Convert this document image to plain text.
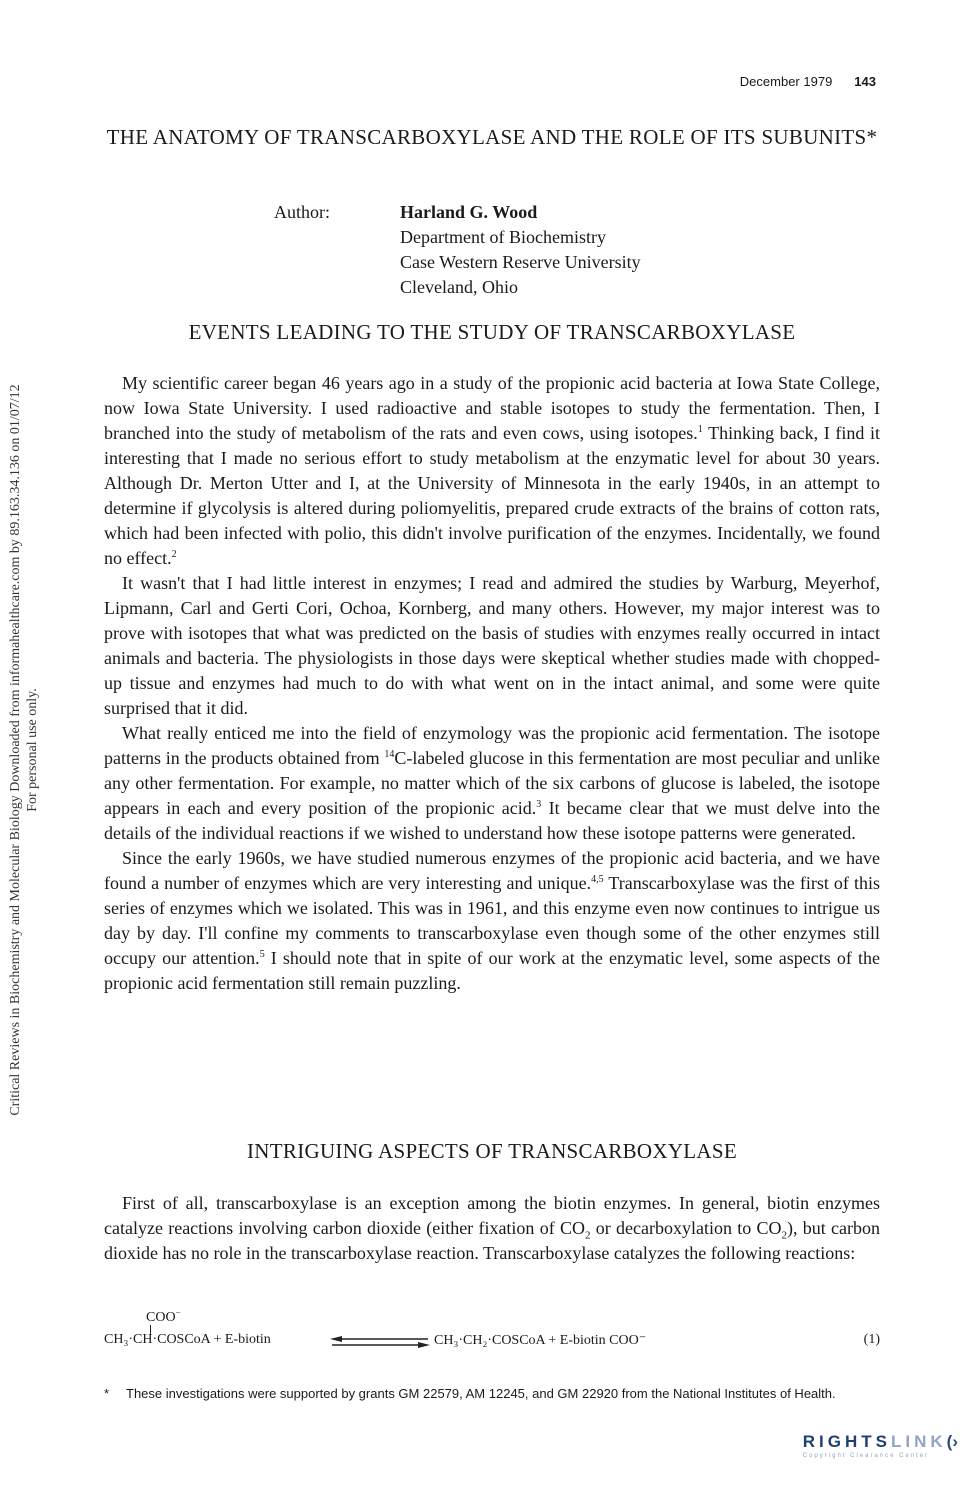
Critical Reviews in Biochemistry and Molecular Biology Downloaded from informahealthcare.com by 89.163.34.136 on 01/07/12 For personal use only.
December 1979 143
THE ANATOMY OF TRANSCARBOXYLASE AND THE ROLE OF ITS SUBUNITS*
Author:	Harland G. Wood
Department of Biochemistry
Case Western Reserve University
Cleveland, Ohio
EVENTS LEADING TO THE STUDY OF TRANSCARBOXYLASE

My scientific career began 46 years ago in a study of the propionic acid bacteria at Iowa State College, now Iowa State University. I used radioactive and stable isotopes to study the fermentation. Then, I branched into the study of metabolism of the rats and even cows, using isotopes.$^1$ Thinking back, I find it interesting that I made no serious effort to study metabolism at the enzymatic level for about 30 years. Although Dr. Merton Utter and I, at the University of Minnesota in the early 1940s, in an attempt to determine if glycolysis is altered during poliomyelitis, prepared crude extracts of the brains of cotton rats, which had been infected with polio, this didn't involve purification of the enzymes. Incidentally, we found no effect.$^2$

It wasn't that I had little interest in enzymes; I read and admired the studies by Warburg, Meyerhof, Lipmann, Carl and Gerti Cori, Ochoa, Kornberg, and many others. However, my major interest was to prove with isotopes that what was predicted on the basis of studies with enzymes really occurred in intact animals and bacteria. The physiologists in those days were skeptical whether studies made with chopped-up tissue and enzymes had much to do with what went on in the intact animal, and some were quite surprised that it did.

What really enticed me into the field of enzymology was the propionic acid fermentation. The isotope patterns in the products obtained from $^{14}$C-labeled glucose in this fermentation are most peculiar and unlike any other fermentation. For example, no matter which of the six carbons of glucose is labeled, the isotope appears in each and every position of the propionic acid.$^3$ It became clear that we must delve into the details of the individual reactions if we wished to understand how these isotope patterns were generated.

Since the early 1960s, we have studied numerous enzymes of the propionic acid bacteria, and we have found a number of enzymes which are very interesting and unique.$^{4,5}$ Transcarboxylase was the first of this series of enzymes which we isolated. This was in 1961, and this enzyme even now continues to intrigue us day by day. I'll confine my comments to transcarboxylase even though some of the other enzymes still occupy our attention.$^5$ I should note that in spite of our work at the enzymatic level, some aspects of the propionic acid fermentation still remain puzzling.

INTRIGUING ASPECTS OF TRANSCARBOXYLASE

First of all, transcarboxylase is an exception among the biotin enzymes. In general, biotin enzymes catalyze reactions involving carbon dioxide (either fixation of $CO_2$ or decarboxylation to $CO_2$), but carbon dioxide has no role in the transcarboxylase reaction. Transcarboxylase catalyzes the following reactions:

COO−
CH₃·CH·COSCoA + E-biotin	CH₃·CH₂·COSCoA + E-biotin COO⁻	(1)
* These investigations were supported by grants GM 22579, AM 12245, and GM 22920 from the National Institutes of Health.
RIGHTSLINK(›
Copyright Clearance Center
